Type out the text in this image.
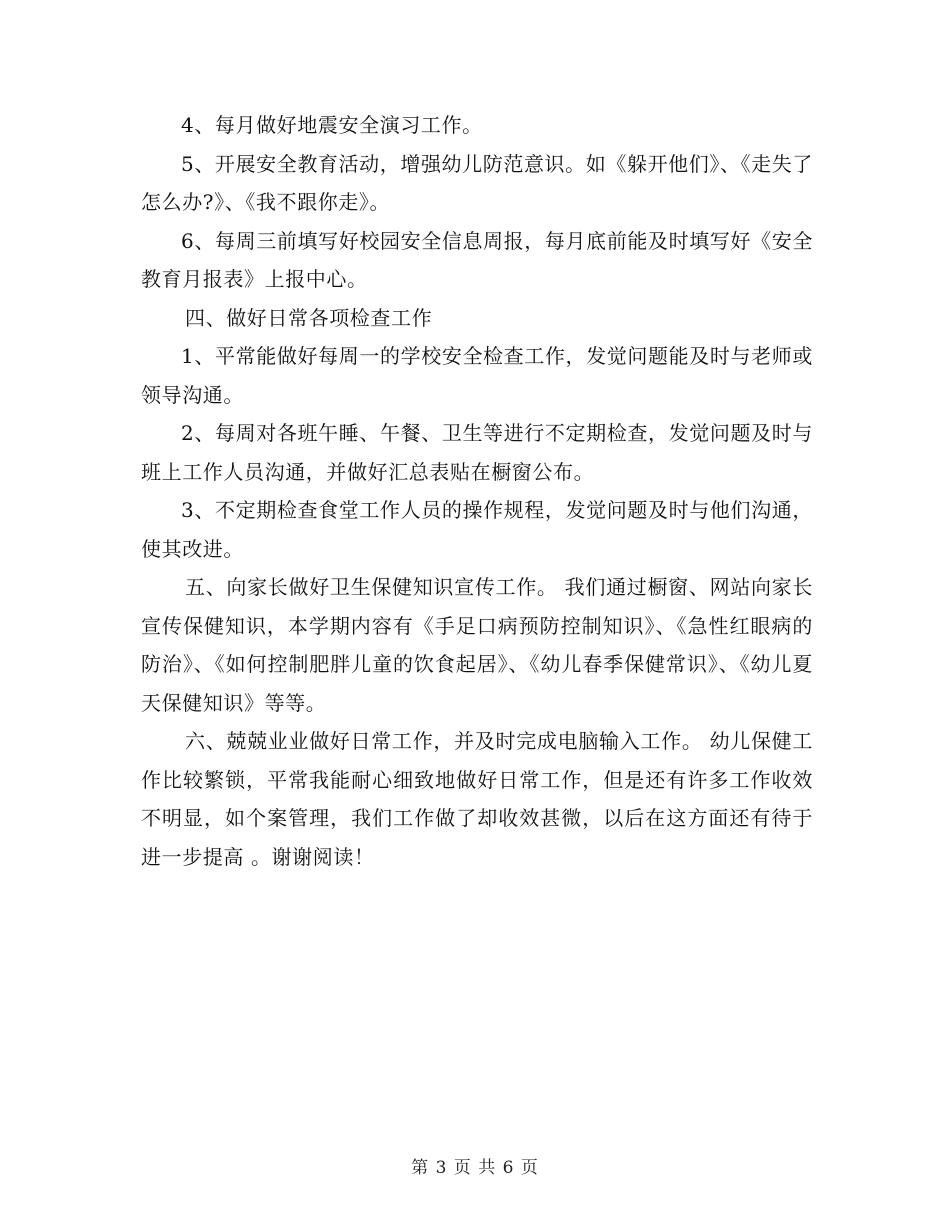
4、每月做好地震安全演习工作。

5、开展安全教育活动，增强幼儿防范意识。如《躲开他们》、《走失了怎么办?》、《我不跟你走》。

6、每周三前填写好校园安全信息周报，每月底前能及时填写好《安全教育月报表》上报中心。

四、做好日常各项检查工作

1、平常能做好每周一的学校安全检查工作，发觉问题能及时与老师或领导沟通。

2、每周对各班午睡、午餐、卫生等进行不定期检查，发觉问题及时与班上工作人员沟通，并做好汇总表贴在橱窗公布。

3、不定期检查食堂工作人员的操作规程，发觉问题及时与他们沟通，使其改进。

五、向家长做好卫生保健知识宣传工作。 我们通过橱窗、网站向家长宣传保健知识，本学期内容有《手足口病预防控制知识》、《急性红眼病的防治》、《如何控制肥胖儿童的饮食起居》、《幼儿春季保健常识》、《幼儿夏天保健知识》等等。

六、兢兢业业做好日常工作，并及时完成电脑输入工作。 幼儿保健工作比较繁锁，平常我能耐心细致地做好日常工作，但是还有许多工作收效不明显，如个案管理，我们工作做了却收效甚微，以后在这方面还有待于进一步提高 。谢谢阅读！

第 3 页 共 6 页
